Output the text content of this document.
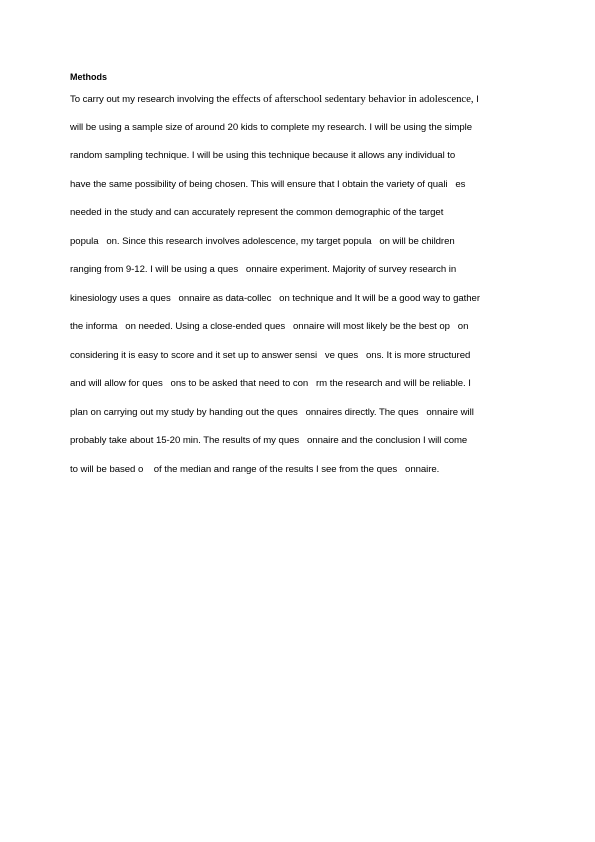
Methods
To carry out my research involving the effects of afterschool sedentary behavior in adolescence, I
will be using a sample size of around 20 kids to complete my research. I will be using the simple
random sampling technique. I will be using this technique because it allows any individual to
have the same possibility of being chosen. This will ensure that I obtain the variety of quali   es
needed in the study and can accurately represent the common demographic of the target
popula   on. Since this research involves adolescence, my target popula   on will be children
ranging from 9-12. I will be using a ques   onnaire experiment. Majority of survey research in
kinesiology uses a ques   onnaire as data-collec   on technique and It will be a good way to gather
the informa   on needed. Using a close-ended ques   onnaire will most likely be the best op   on
considering it is easy to score and it set up to answer sensi   ve ques   ons. It is more structured
and will allow for ques   ons to be asked that need to con   rm the research and will be reliable. I
plan on carrying out my study by handing out the ques   onnaires directly. The ques   onnaire will
probably take about 15-20 min. The results of my ques   onnaire and the conclusion I will come
to will be based o    of the median and range of the results I see from the ques   onnaire.
